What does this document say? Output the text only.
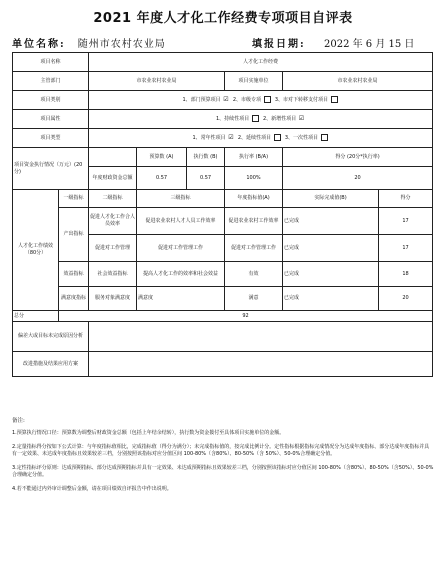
2021 年度人才化工作经费专项项目自评表
单位名称: 随州市农村农业局	填报日期: 2022 年 6 月 15 日
项目名称		人才化工作经费					
主管部门		市农业农村农业局			项目实施单位	市农业农村农业局	
项目类别		1、部门预算项目 ☑ 2、市级专项 3、市对下转移支付项目					
项目属性		1、持续性项目 2、新增性项目 ☑					
项目类型		1、常年性项目 ☑ 2、延续性项目 3、一次性项目					
项目资金执行情况（万元）(20分)			预算数 (A)	执行数 (B)	执行率 (B/A)	得分 (20分*执行率)	
		年度财政资金总额	0.57	0.57	100%	20	
人才化工作绩效（80分）	一级指标	二级指标	三级指标		年度指标值(A)	实际完成值(B)	得分
	产出指标	促进人才化工作合人员效率	促进农业农村人才人员工作效率		促进农业农村工作效率	已完成	17
		促进对工作管理	促进对工作管理工作		促进对工作管理工作	已完成	17
	效益指标	社会效益指标	提高人才化工作的效率和社会效益		有效	已完成	18
	满意度指标	服务对象满意度	满意度		满意	已完成	20
总分	92						
偏差大或目标未完成原因分析							
改进措施及结果应用方案							
备注:

1.预算执行情况口径：预算数为调整后财政资金总额（包括上年结余结转），执行数为资金拨付至具体项目实施单位的金额。

2.定量指标得分按如下公式计算：与年度指标值相比，完成指标值（得分为满分）；未完成指标值的，按完成比例计分。定性指标根据指标完成情况分为达成年度指标、部分达成年度指标并具有一定效果、未达成年度指标且效果较差三档，分别按照该指标对应分值区间 100-80%（含80%）、80-50%（含 50%）、50-0%合理确定分值。

3.定性指标评分原则：达成预期指标、部分达成预期指标并具有一定效果、未达成预期指标且效果较差三档，分别按照该指标对应分值区间 100-80%（含80%）、80-50%（含50%）、50-0%合理确定分值。

4.若不能通过内外审计调整后金额，请在项目绩效自评报告中作出说明。
